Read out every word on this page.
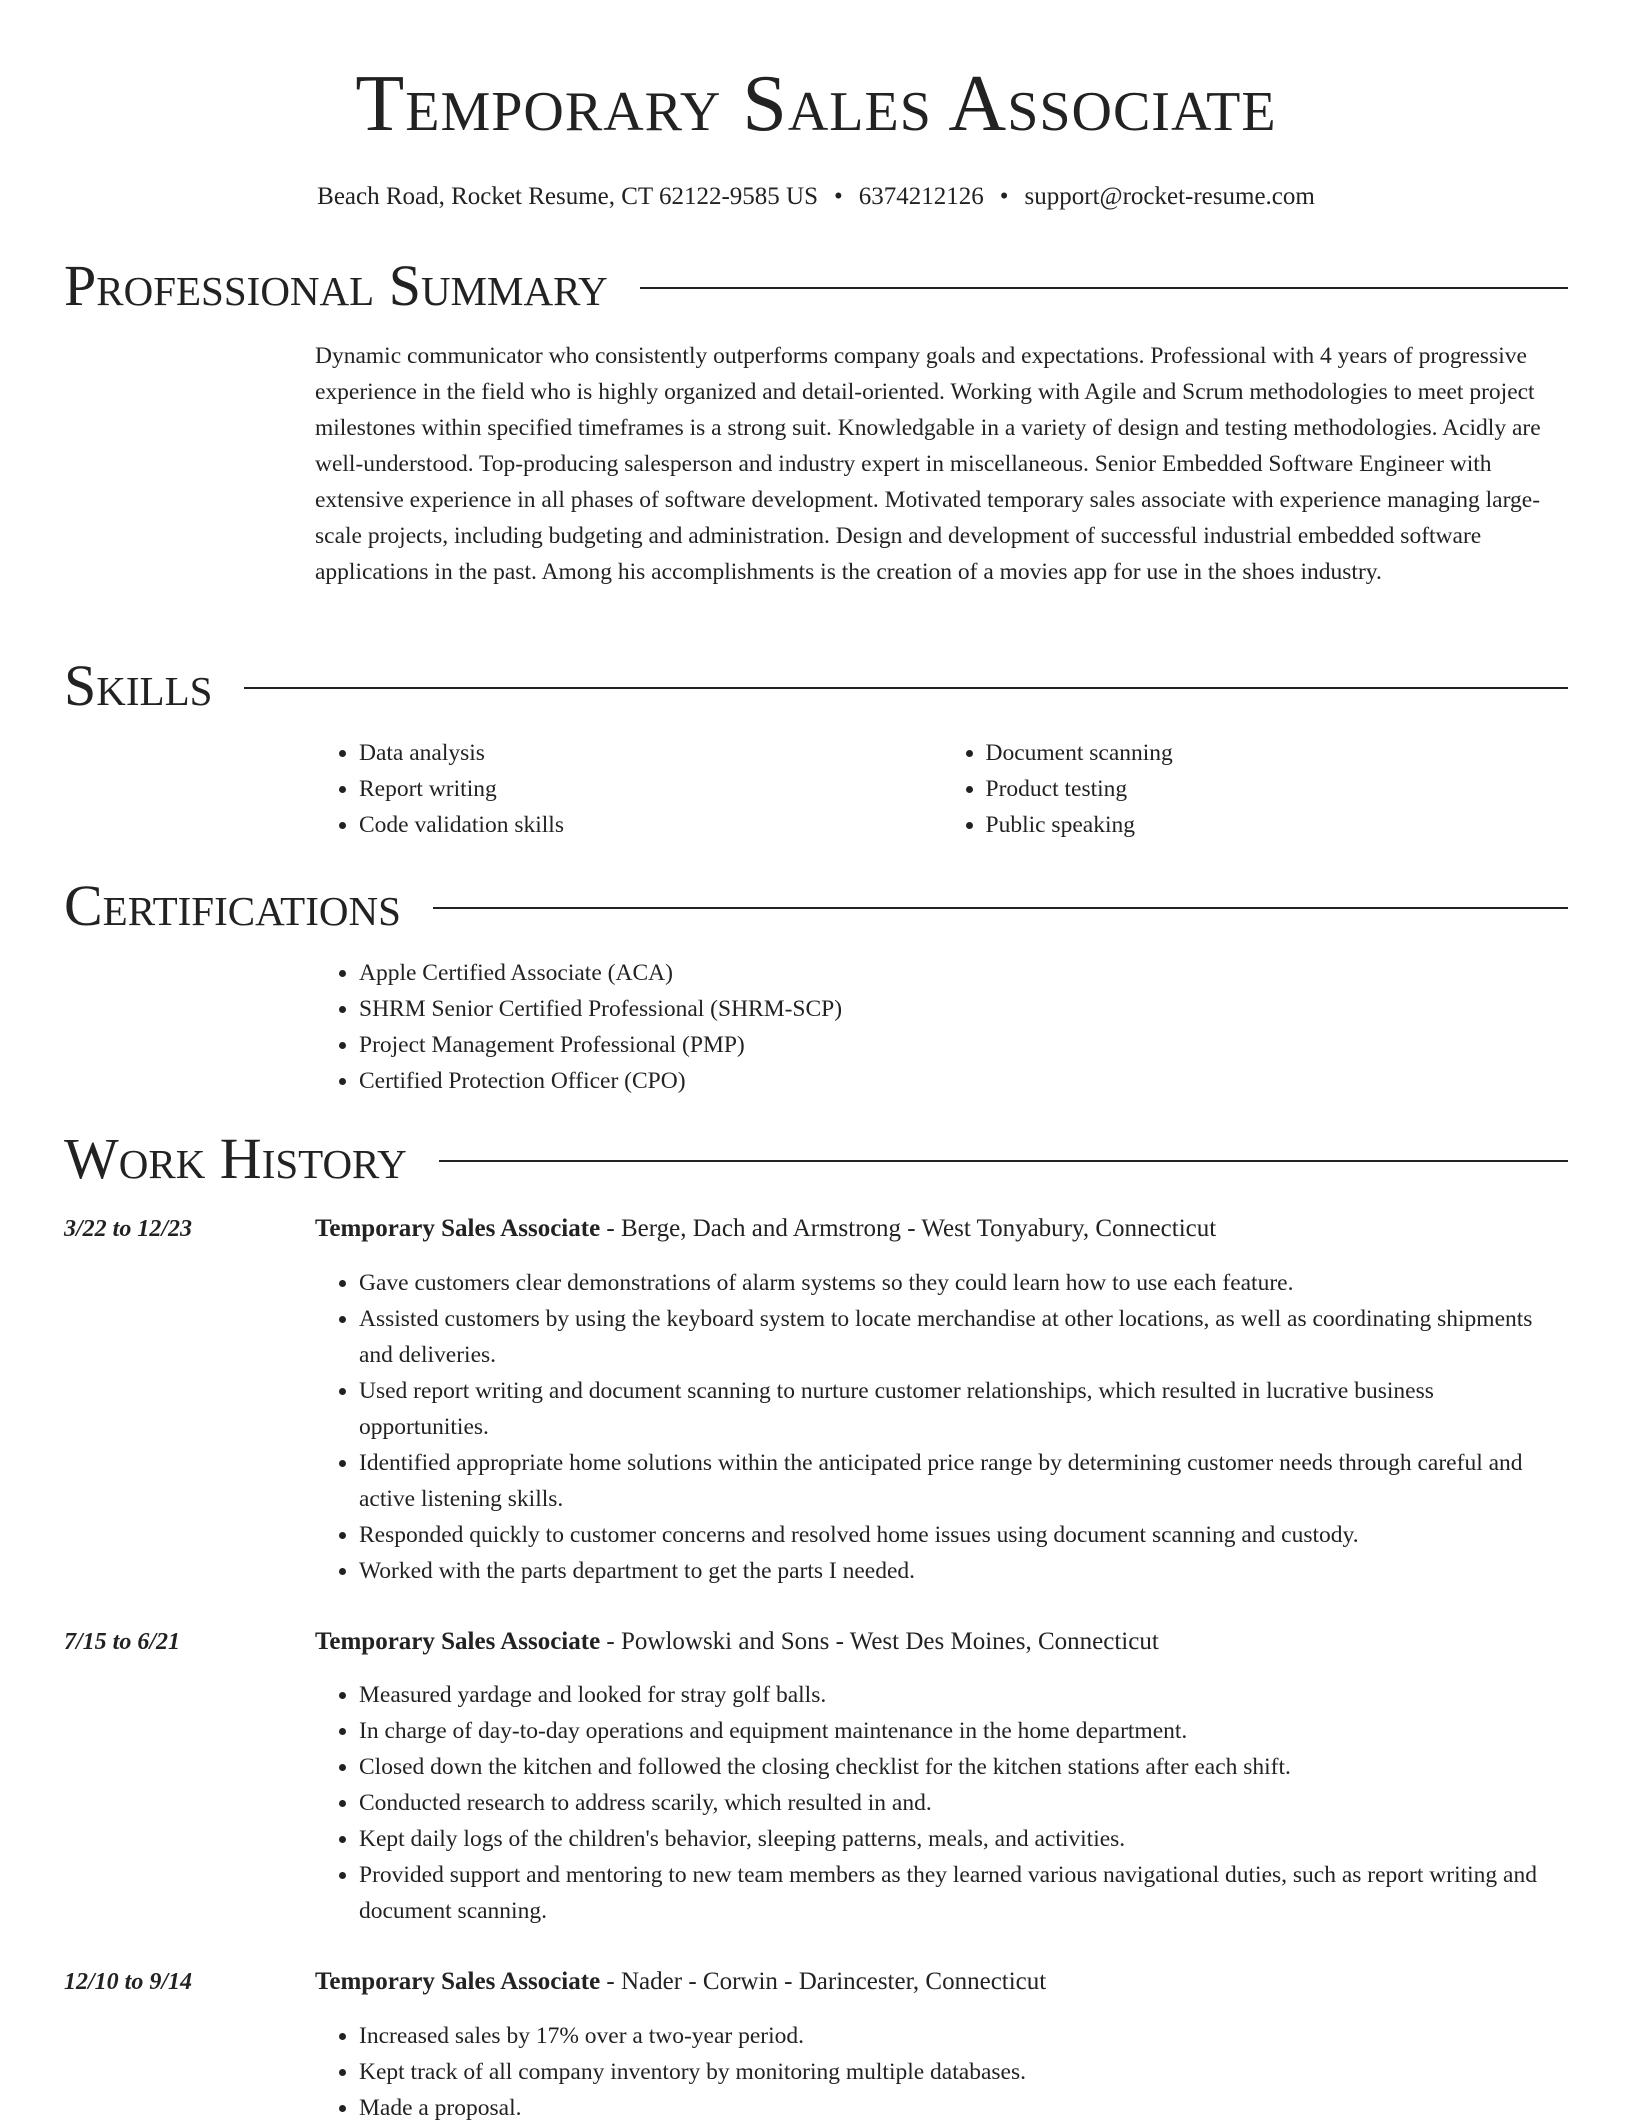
Temporary Sales Associate
Beach Road, Rocket Resume, CT 62122-9585 US • 6374212126 • support@rocket-resume.com
Professional Summary

Dynamic communicator who consistently outperforms company goals and expectations. Professional with 4 years of progressive experience in the field who is highly organized and detail-oriented. Working with Agile and Scrum methodologies to meet project milestones within specified timeframes is a strong suit. Knowledgable in a variety of design and testing methodologies. Acidly are well-understood. Top-producing salesperson and industry expert in miscellaneous. Senior Embedded Software Engineer with extensive experience in all phases of software development. Motivated temporary sales associate with experience managing large-scale projects, including budgeting and administration. Design and development of successful industrial embedded software applications in the past. Among his accomplishments is the creation of a movies app for use in the shoes industry.

Skills
• Data analysis
• Report writing
• Code validation skills
• Document scanning
• Product testing
• Public speaking
Certifications
• Apple Certified Associate (ACA)
• SHRM Senior Certified Professional (SHRM-SCP)
• Project Management Professional (PMP)
• Certified Protection Officer (CPO)
Work History
3/22 to 12/23	Temporary Sales Associate - Berge, Dach and Armstrong - West Tonyabury, Connecticut
• Gave customers clear demonstrations of alarm systems so they could learn how to use each feature.
• Assisted customers by using the keyboard system to locate merchandise at other locations, as well as coordinating shipments and deliveries.
• Used report writing and document scanning to nurture customer relationships, which resulted in lucrative business opportunities.
• Identified appropriate home solutions within the anticipated price range by determining customer needs through careful and active listening skills.
• Responded quickly to customer concerns and resolved home issues using document scanning and custody.
• Worked with the parts department to get the parts I needed.
7/15 to 6/21	Temporary Sales Associate - Powlowski and Sons - West Des Moines, Connecticut
• Measured yardage and looked for stray golf balls.
• In charge of day-to-day operations and equipment maintenance in the home department.
• Closed down the kitchen and followed the closing checklist for the kitchen stations after each shift.
• Conducted research to address scarily, which resulted in and.
• Kept daily logs of the children's behavior, sleeping patterns, meals, and activities.
• Provided support and mentoring to new team members as they learned various navigational duties, such as report writing and document scanning.
12/10 to 9/14	Temporary Sales Associate - Nader - Corwin - Darincester, Connecticut
• Increased sales by 17% over a two-year period.
• Kept track of all company inventory by monitoring multiple databases.
• Made a proposal.
